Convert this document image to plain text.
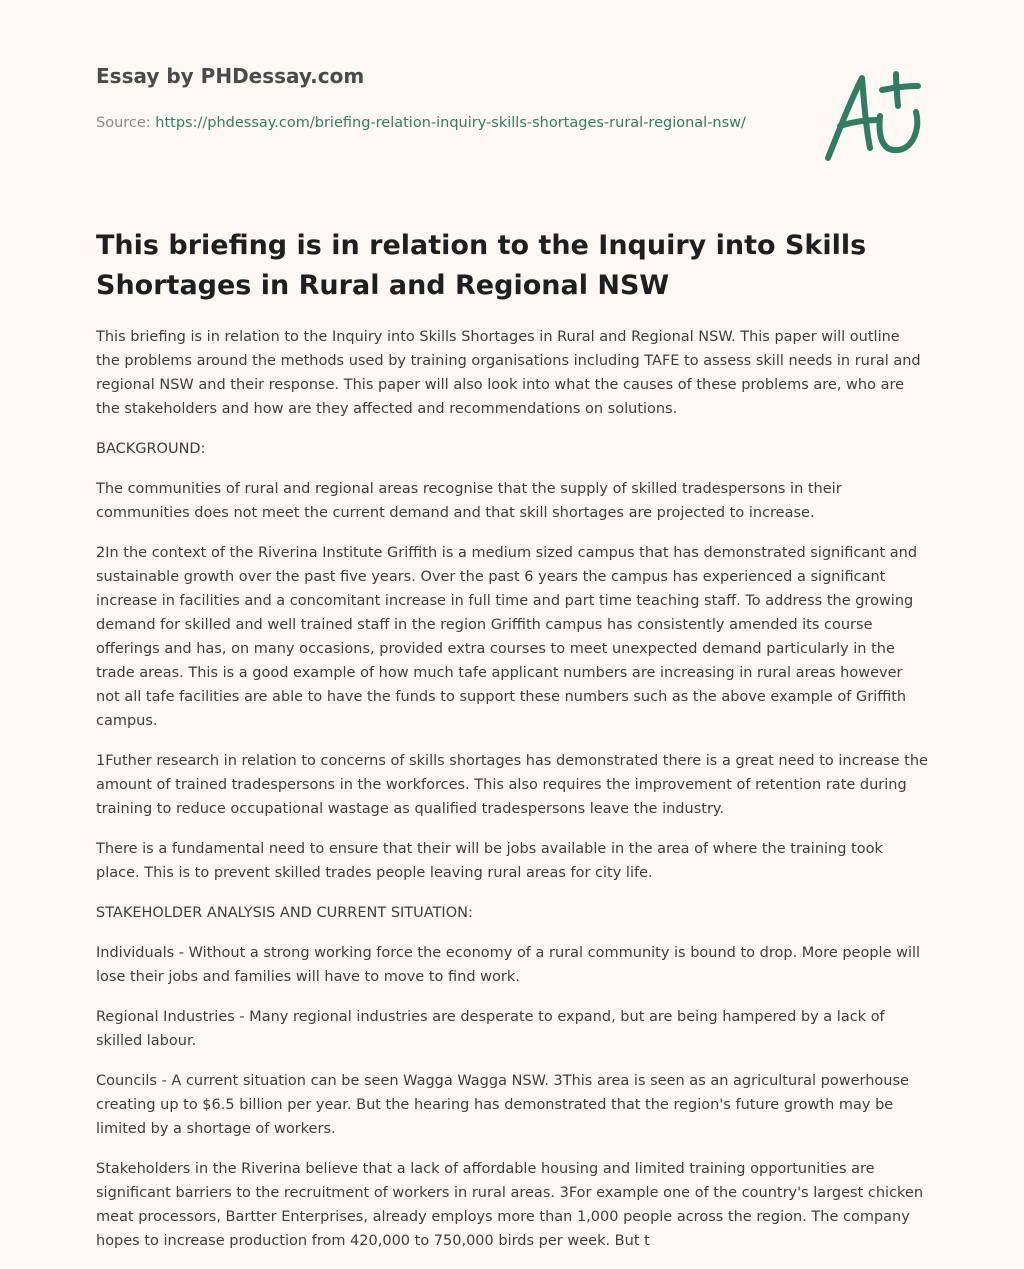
Essay by PHDessay.com
Source: https://phdessay.com/briefing-relation-inquiry-skills-shortages-rural-regional-nsw/
This briefing is in relation to the Inquiry into Skills Shortages in Rural and Regional NSW

This briefing is in relation to the Inquiry into Skills Shortages in Rural and Regional NSW. This paper will outline the problems around the methods used by training organisations including TAFE to assess skill needs in rural and regional NSW and their response. This paper will also look into what the causes of these problems are, who are the stakeholders and how are they affected and recommendations on solutions.

BACKGROUND:

The communities of rural and regional areas recognise that the supply of skilled tradespersons in their communities does not meet the current demand and that skill shortages are projected to increase.

2In the context of the Riverina Institute Griffith is a medium sized campus that has demonstrated significant and sustainable growth over the past five years. Over the past 6 years the campus has experienced a significant increase in facilities and a concomitant increase in full time and part time teaching staff. To address the growing demand for skilled and well trained staff in the region Griffith campus has consistently amended its course offerings and has, on many occasions, provided extra courses to meet unexpected demand particularly in the trade areas. This is a good example of how much tafe applicant numbers are increasing in rural areas however not all tafe facilities are able to have the funds to support these numbers such as the above example of Griffith campus.

1Futher research in relation to concerns of skills shortages has demonstrated there is a great need to increase the amount of trained tradespersons in the workforces. This also requires the improvement of retention rate during training to reduce occupational wastage as qualified tradespersons leave the industry.

There is a fundamental need to ensure that their will be jobs available in the area of where the training took place. This is to prevent skilled trades people leaving rural areas for city life.

STAKEHOLDER ANALYSIS AND CURRENT SITUATION:

Individuals - Without a strong working force the economy of a rural community is bound to drop. More people will lose their jobs and families will have to move to find work.

Regional Industries - Many regional industries are desperate to expand, but are being hampered by a lack of skilled labour.

Councils - A current situation can be seen Wagga Wagga NSW. 3This area is seen as an agricultural powerhouse creating up to $6.5 billion per year. But the hearing has demonstrated that the region's future growth may be limited by a shortage of workers.

Stakeholders in the Riverina believe that a lack of affordable housing and limited training opportunities are significant barriers to the recruitment of workers in rural areas. 3For example one of the country's largest chicken meat processors, Bartter Enterprises, already employs more than 1,000 people across the region. The company hopes to increase production from 420,000 to 750,000 birds per week. But t
